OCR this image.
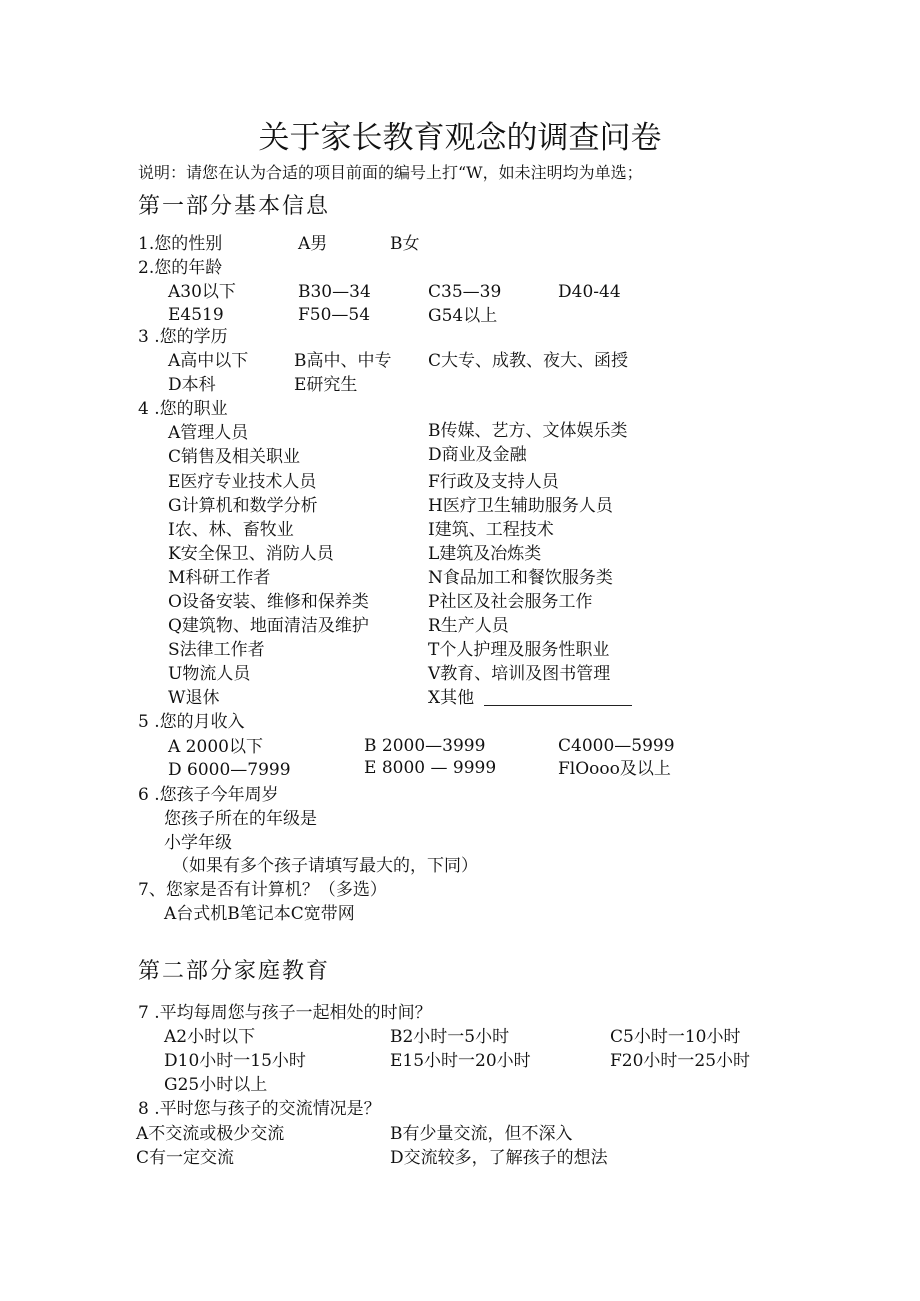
关于家长教育观念的调查问卷
说明：请您在认为合适的项目前面的编号上打“W，如未注明均为单选；
第一部分基本信息
1.您的性别	A男	B女
2.您的年龄
A30以下	B30—34	C35—39	D40-44
E4519	F50—54	G54以上
3 .您的学历
A高中以下	B高中、中专 C大专、成教、夜大、函授
D本科	E研究生
4 .您的职业
A管理人员	B传媒、艺方、文体娱乐类
C销售及相关职业	D商业及金融
E医疗专业技术人员	F行政及支持人员
G计算机和数学分析	H医疗卫生辅助服务人员
I农、林、畜牧业	I建筑、工程技术
K安全保卫、消防人员	L建筑及冶炼类
M科研工作者	N食品加工和餐饮服务类
O设备安装、维修和保养类	P社区及社会服务工作
Q建筑物、地面清洁及维护	R生产人员
S法律工作者	T个人护理及服务性职业
U物流人员	V教育、培训及图书管理
W退休	X其他
5 .您的月收入
A 2000以下	B 2000—3999	C4000—5999
D 6000—7999	E 8000 — 9999	FlOooo及以上
6 .您孩子今年周岁
您孩子所在的年级是
小学年级
（如果有多个孩子请填写最大的，下同）
7、您家是否有计算机？（多选）
A台式机B笔记本C宽带网
第二部分家庭教育
7 .平均每周您与孩子一起相处的时间？
A2小时以下	B2小时一5小时	C5小时一10小时
D10小时一15小时	E15小时一20小时	F20小时一25小时
G25小时以上
8 .平时您与孩子的交流情况是？
A不交流或极少交流	B有少量交流，但不深入
C有一定交流	D交流较多，了解孩子的想法
